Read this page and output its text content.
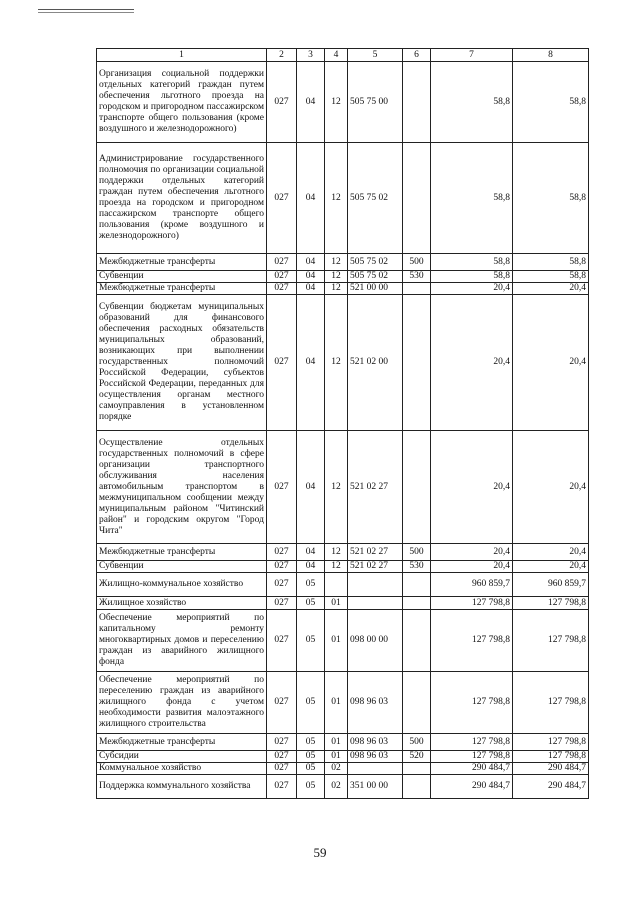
1	2	3	4	5	6	7	8
Организация социальной поддержки отдельных категорий граждан путем обеспечения льготного проезда на городском и пригородном пассажирском транспорте общего пользования (кроме воздушного и железнодорожного)	027	04	12	505 75 00		58,8	58,8
Администрирование государственного полномочия по организации социальной поддержки отдельных категорий граждан путем обеспечения льготного проезда на городском и пригородном пассажирском транспорте общего пользования (кроме воздушного и железнодорожного)	027	04	12	505 75 02		58,8	58,8
Межбюджетные трансферты	027	04	12	505 75 02	500	58,8	58,8
Субвенции	027	04	12	505 75 02	530	58,8	58,8
Межбюджетные трансферты	027	04	12	521 00 00		20,4	20,4
Субвенции бюджетам муниципальных образований для финансового обеспечения расходных обязательств муниципальных образований, возникающих при выполнении государственных полномочий Российской Федерации, субъектов Российской Федерации, переданных для осуществления органам местного самоуправления в установленном порядке	027	04	12	521 02 00		20,4	20,4
Осуществление отдельных государственных полномочий в сфере организации транспортного обслуживания населения автомобильным транспортом в межмуниципальном сообщении между муниципальным районом "Читинский район" и городским округом "Город Чита"	027	04	12	521 02 27		20,4	20,4
Межбюджетные трансферты	027	04	12	521 02 27	500	20,4	20,4
Субвенции	027	04	12	521 02 27	530	20,4	20,4
Жилищно-коммунальное хозяйство	027	05				960 859,7	960 859,7
Жилищное хозяйство	027	05	01			127 798,8	127 798,8
Обеспечение мероприятий по капитальному ремонту многоквартирных домов и переселению граждан из аварийного жилищного фонда	027	05	01	098 00 00		127 798,8	127 798,8
Обеспечение мероприятий по переселению граждан из аварийного жилищного фонда с учетом необходимости развития малоэтажного жилищного строительства	027	05	01	098 96 03		127 798,8	127 798,8
Межбюджетные трансферты	027	05	01	098 96 03	500	127 798,8	127 798,8
Субсидии	027	05	01	098 96 03	520	127 798,8	127 798,8
Коммунальное хозяйство	027	05	02			290 484,7	290 484,7
Поддержка коммунального хозяйства	027	05	02	351 00 00		290 484,7	290 484,7
59
